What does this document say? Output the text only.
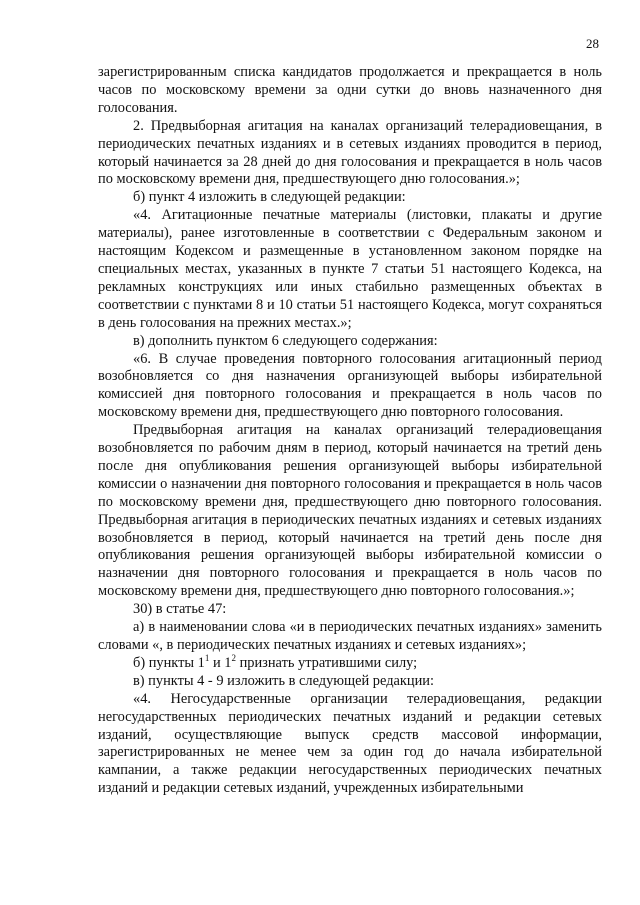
28

зарегистрированным списка кандидатов продолжается и прекращается в ноль часов по московскому времени за одни сутки до вновь назначенного дня голосования.

2. Предвыборная агитация на каналах организаций телерадиовещания, в периодических печатных изданиях и в сетевых изданиях проводится в период, который начинается за 28 дней до дня голосования и прекращается в ноль часов по московскому времени дня, предшествующего дню голосования.»;

б) пункт 4 изложить в следующей редакции:

«4. Агитационные печатные материалы (листовки, плакаты и другие материалы), ранее изготовленные в соответствии с Федеральным законом и настоящим Кодексом и размещенные в установленном законом порядке на специальных местах, указанных в пункте 7 статьи 51 настоящего Кодекса, на рекламных конструкциях или иных стабильно размещенных объектах в соответствии с пунктами 8 и 10 статьи 51 настоящего Кодекса, могут сохраняться в день голосования на прежних местах.»;

в) дополнить пунктом 6 следующего содержания:

«6. В случае проведения повторного голосования агитационный период возобновляется со дня назначения организующей выборы избирательной комиссией дня повторного голосования и прекращается в ноль часов по московскому времени дня, предшествующего дню повторного голосования.

Предвыборная агитация на каналах организаций телерадиовещания возобновляется по рабочим дням в период, который начинается на третий день после дня опубликования решения организующей выборы избирательной комиссии о назначении дня повторного голосования и прекращается в ноль часов по московскому времени дня, предшествующего дню повторного голосования. Предвыборная агитация в периодических печатных изданиях и сетевых изданиях возобновляется в период, который начинается на третий день после дня опубликования решения организующей выборы избирательной комиссии о назначении дня повторного голосования и прекращается в ноль часов по московскому времени дня, предшествующего дню повторного голосования.»;

30) в статье 47:

а) в наименовании слова «и в периодических печатных изданиях» заменить словами «, в периодических печатных изданиях и сетевых изданиях»;

б) пункты $1^1$ и $1^2$ признать утратившими силу;

в) пункты 4 - 9 изложить в следующей редакции:

«4. Негосударственные организации телерадиовещания, редакции негосударственных периодических печатных изданий и редакции сетевых изданий, осуществляющие выпуск средств массовой информации, зарегистрированных не менее чем за один год до начала избирательной кампании, а также редакции негосударственных периодических печатных изданий и редакции сетевых изданий, учрежденных избирательными
